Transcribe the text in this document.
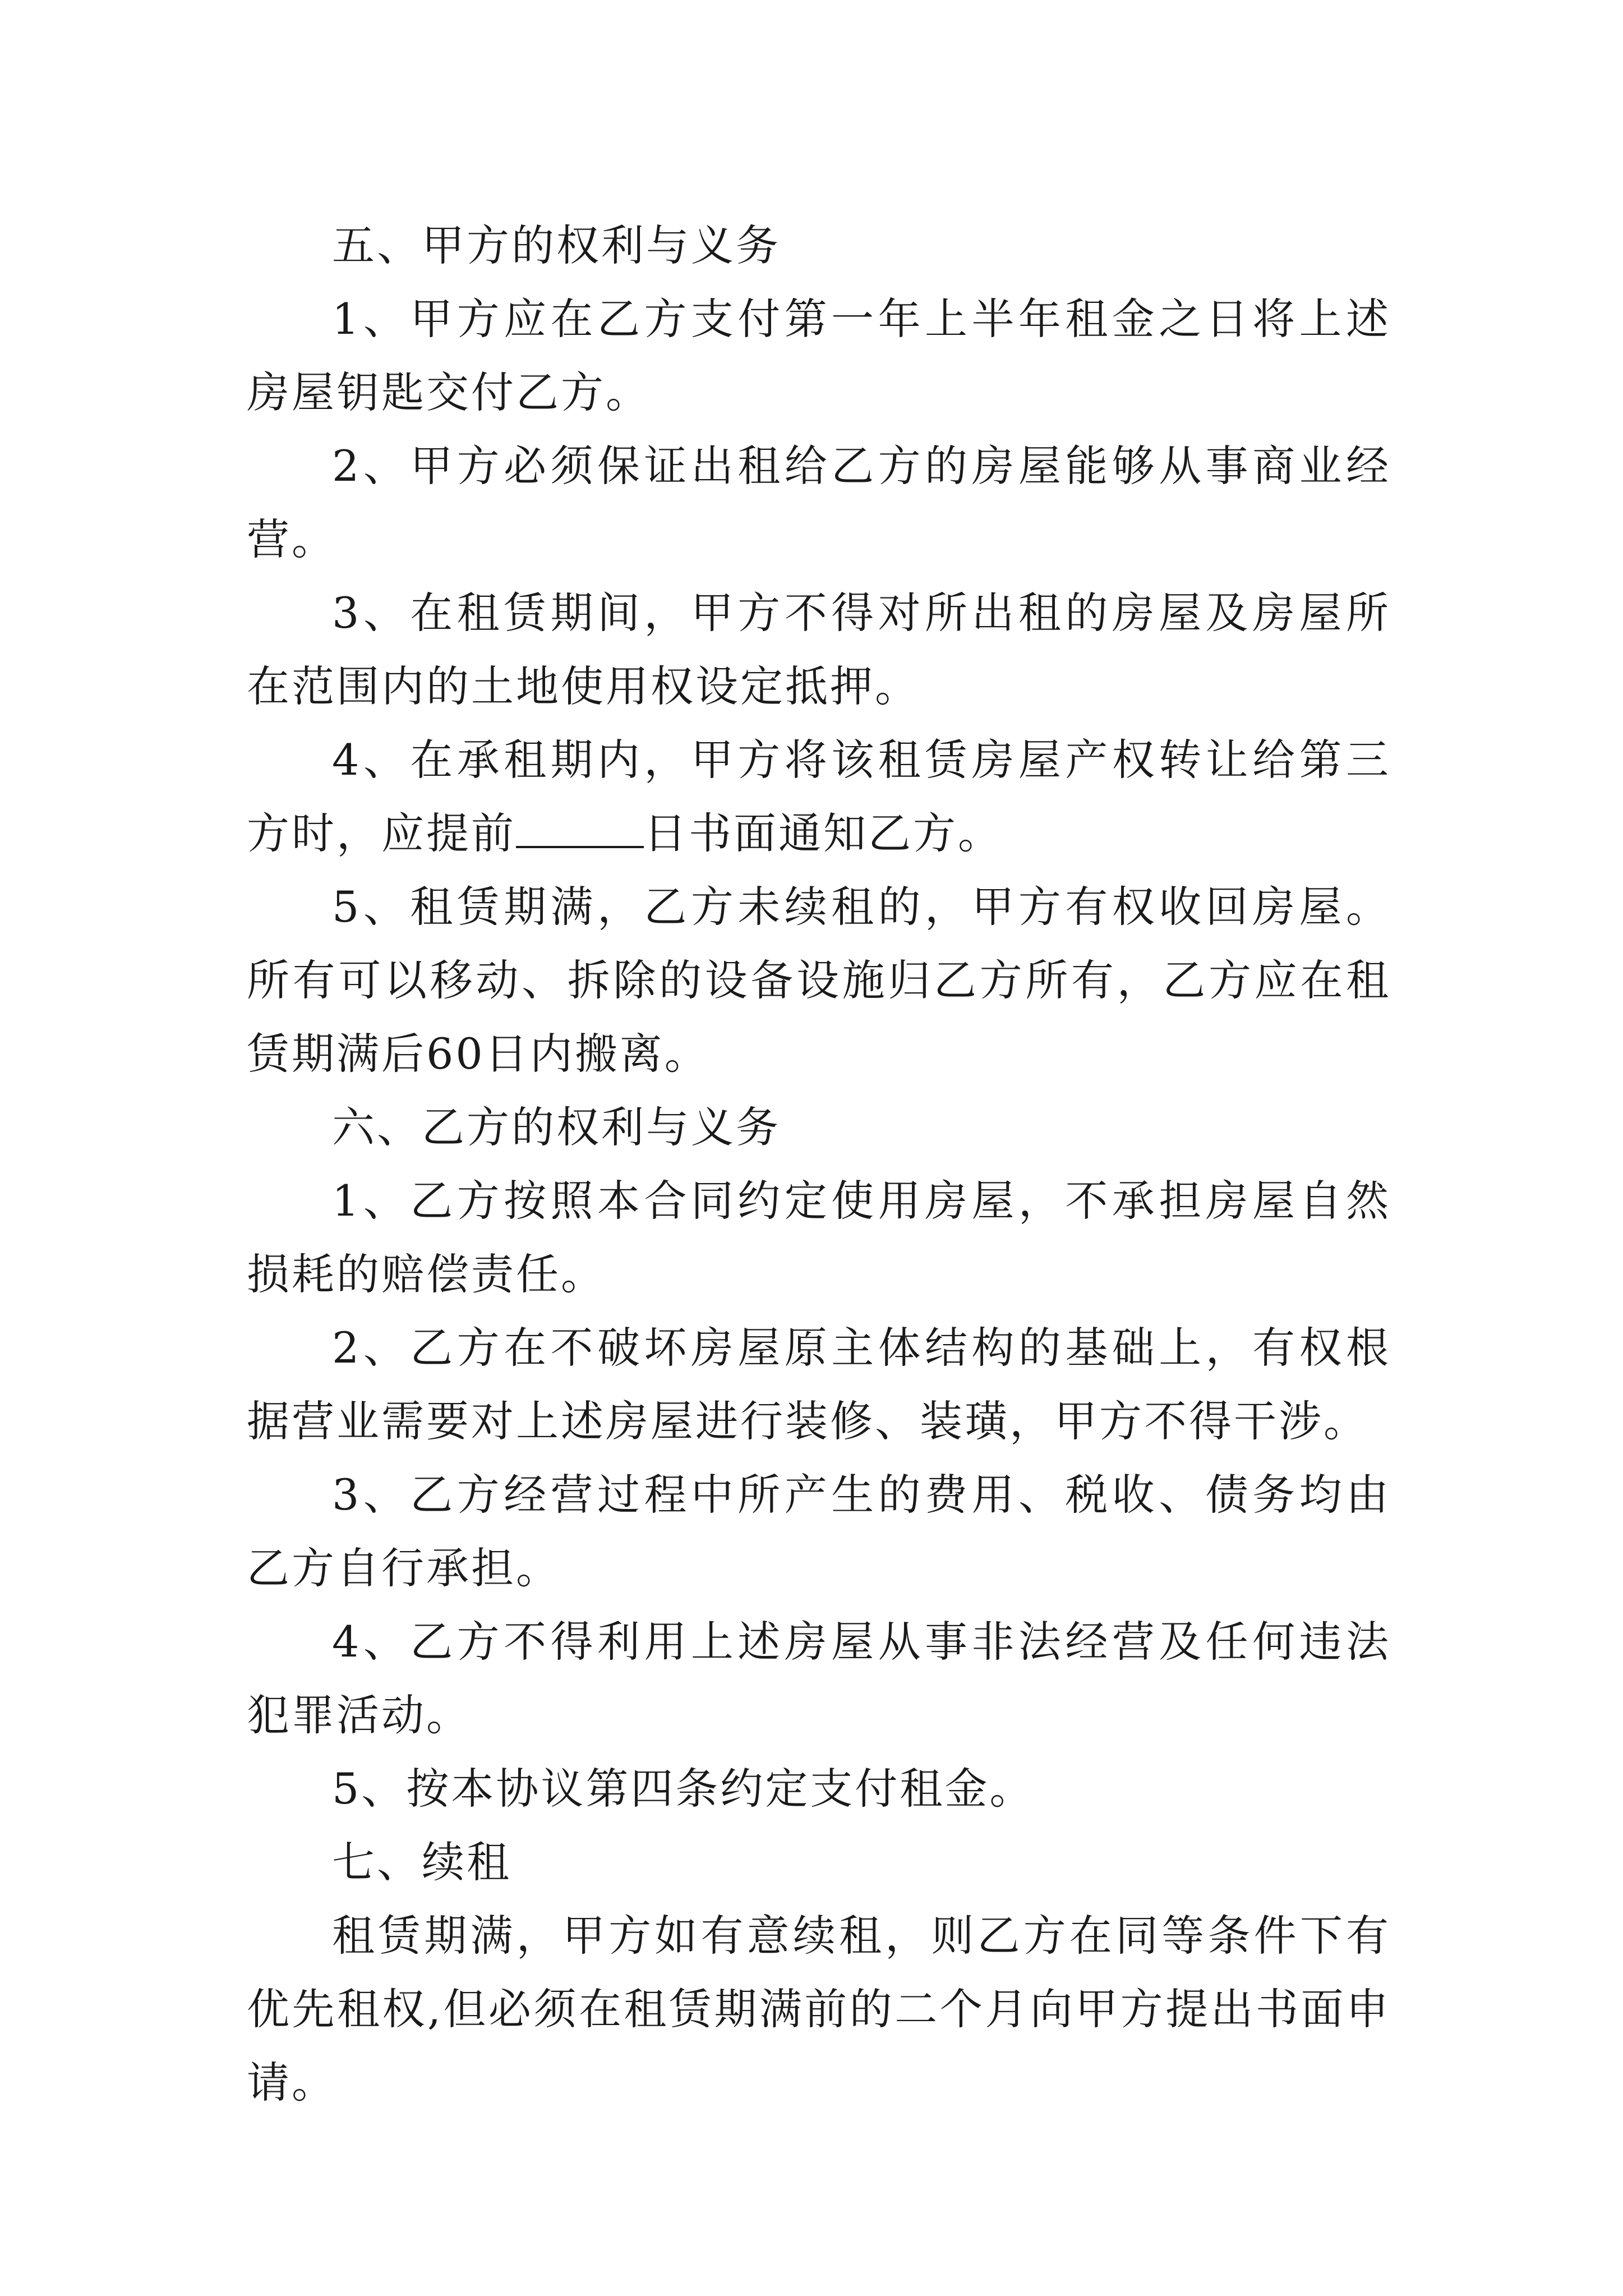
五、甲方的权利与义务

1、甲方应在乙方支付第一年上半年租金之日将上述房屋钥匙交付乙方。

2、甲方必须保证出租给乙方的房屋能够从事商业经营。

3、在租赁期间，甲方不得对所出租的房屋及房屋所在范围内的土地使用权设定抵押。

4、在承租期内，甲方将该租赁房屋产权转让给第三方时，应提前	日书面通知乙方。

5、租赁期满，乙方未续租的，甲方有权收回房屋。所有可以移动、拆除的设备设施归乙方所有，乙方应在租赁期满后60日内搬离。

六、乙方的权利与义务

1、乙方按照本合同约定使用房屋，不承担房屋自然损耗的赔偿责任。

2、乙方在不破坏房屋原主体结构的基础上，有权根据营业需要对上述房屋进行装修、装璜，甲方不得干涉。

3、乙方经营过程中所产生的费用、税收、债务均由乙方自行承担。

4、乙方不得利用上述房屋从事非法经营及任何违法犯罪活动。

5、按本协议第四条约定支付租金。

七、续租

租赁期满，甲方如有意续租，则乙方在同等条件下有优先租权,但必须在租赁期满前的二个月向甲方提出书面申请。
